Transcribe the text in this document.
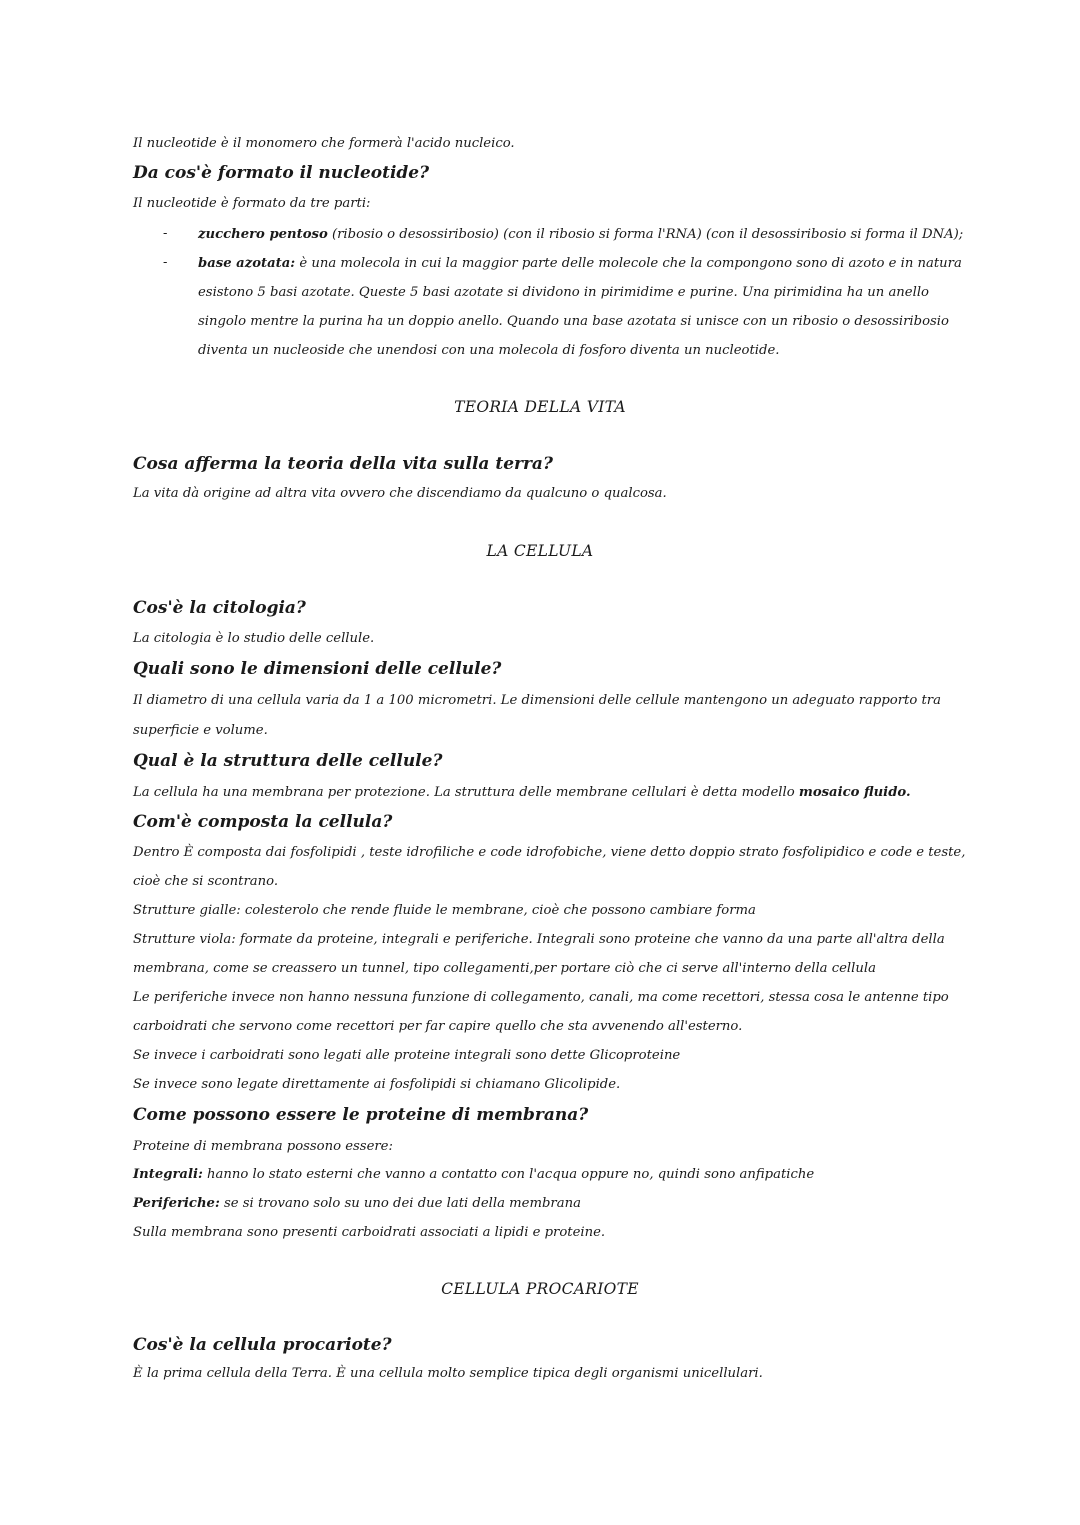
Il nucleotide è il monomero che formerà l'acido nucleico.
Da cos'è formato il nucleotide?
Il nucleotide è formato da tre parti:
- zucchero pentoso (ribosio o desossiribosio) (con il ribosio si forma l'RNA) (con il desossiribosio si forma il DNA);
- base azotata: è una molecola in cui la maggior parte delle molecole che la compongono sono di azoto e in natura
esistono 5 basi azotate. Queste 5 basi azotate si dividono in pirimidime e purine. Una pirimidina ha un anello
singolo mentre la purina ha un doppio anello. Quando una base azotata si unisce con un ribosio o desossiribosio
diventa un nucleoside che unendosi con una molecola di fosforo diventa un nucleotide.
TEORIA DELLA VITA
Cosa afferma la teoria della vita sulla terra?
La vita dà origine ad altra vita ovvero che discendiamo da qualcuno o qualcosa.
LA CELLULA
Cos'è la citologia?
La citologia è lo studio delle cellule.
Quali sono le dimensioni delle cellule?
Il diametro di una cellula varia da 1 a 100 micrometri. Le dimensioni delle cellule mantengono un adeguato rapporto tra
superficie e volume.
Qual è la struttura delle cellule?
La cellula ha una membrana per protezione. La struttura delle membrane cellulari è detta modello mosaico fluido.
Com'è composta la cellula?
Dentro È composta dai fosfolipidi , teste idrofiliche e code idrofobiche, viene detto doppio strato fosfolipidico e code e teste,
cioè che si scontrano.
Strutture gialle: colesterolo che rende fluide le membrane, cioè che possono cambiare forma
Strutture viola: formate da proteine, integrali e periferiche. Integrali sono proteine che vanno da una parte all'altra della
membrana, come se creassero un tunnel, tipo collegamenti,per portare ciò che ci serve all'interno della cellula
Le periferiche invece non hanno nessuna funzione di collegamento, canali, ma come recettori, stessa cosa le antenne tipo
carboidrati che servono come recettori per far capire quello che sta avvenendo all'esterno.
Se invece i carboidrati sono legati alle proteine integrali sono dette Glicoproteine
Se invece sono legate direttamente ai fosfolipidi si chiamano Glicolipide.
Come possono essere le proteine di membrana?
Proteine di membrana possono essere:
Integrali: hanno lo stato esterni che vanno a contatto con l'acqua oppure no, quindi sono anfipatiche
Periferiche: se si trovano solo su uno dei due lati della membrana
Sulla membrana sono presenti carboidrati associati a lipidi e proteine.
CELLULA PROCARIOTE
Cos'è la cellula procariote?
È la prima cellula della Terra. È una cellula molto semplice tipica degli organismi unicellulari.
